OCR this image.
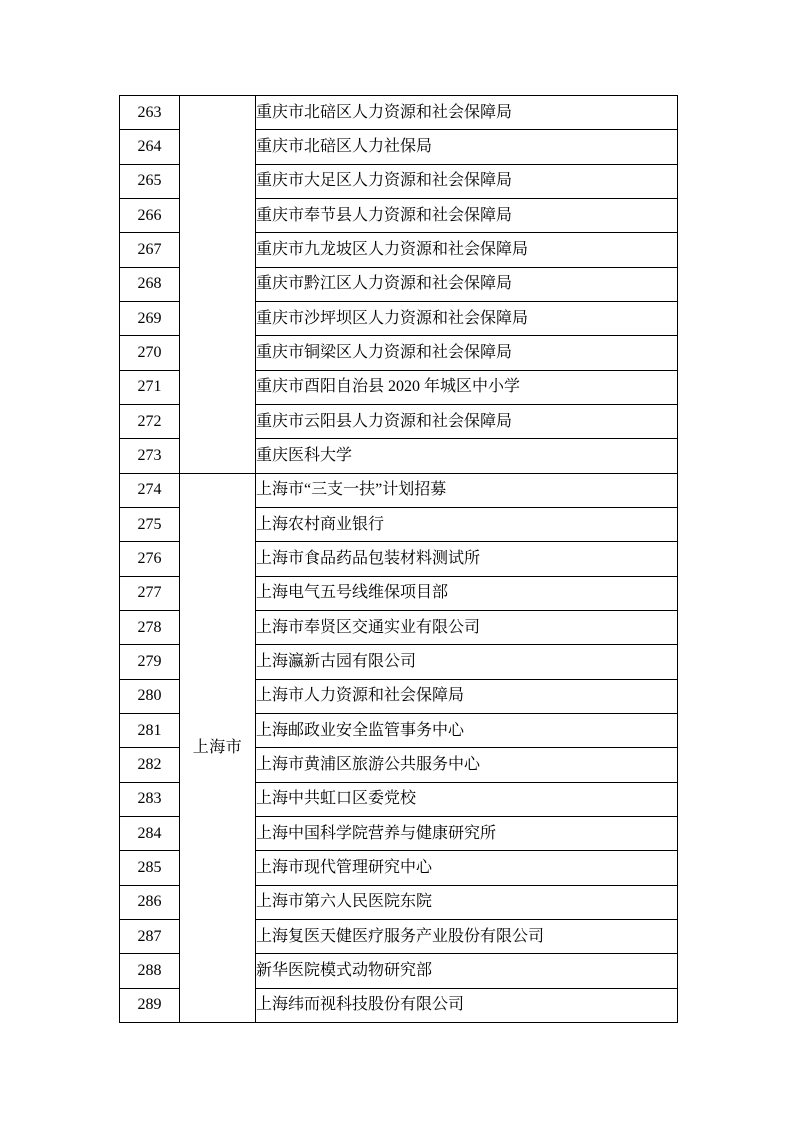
263		重庆市北碚区人力资源和社会保障局
264		重庆市北碚区人力社保局
265		重庆市大足区人力资源和社会保障局
266		重庆市奉节县人力资源和社会保障局
267		重庆市九龙坡区人力资源和社会保障局
268		重庆市黔江区人力资源和社会保障局
269		重庆市沙坪坝区人力资源和社会保障局
270		重庆市铜梁区人力资源和社会保障局
271		重庆市酉阳自治县 2020 年城区中小学
272		重庆市云阳县人力资源和社会保障局
273		重庆医科大学
274	上海市	上海市“三支一扶”计划招募
275		上海农村商业银行
276		上海市食品药品包装材料测试所
277		上海电气五号线维保项目部
278		上海市奉贤区交通实业有限公司
279		上海瀛新古园有限公司
280		上海市人力资源和社会保障局
281		上海邮政业安全监管事务中心
282		上海市黄浦区旅游公共服务中心
283		上海中共虹口区委党校
284		上海中国科学院营养与健康研究所
285		上海市现代管理研究中心
286		上海市第六人民医院东院
287		上海复医天健医疗服务产业股份有限公司
288		新华医院模式动物研究部
289		上海纬而视科技股份有限公司
